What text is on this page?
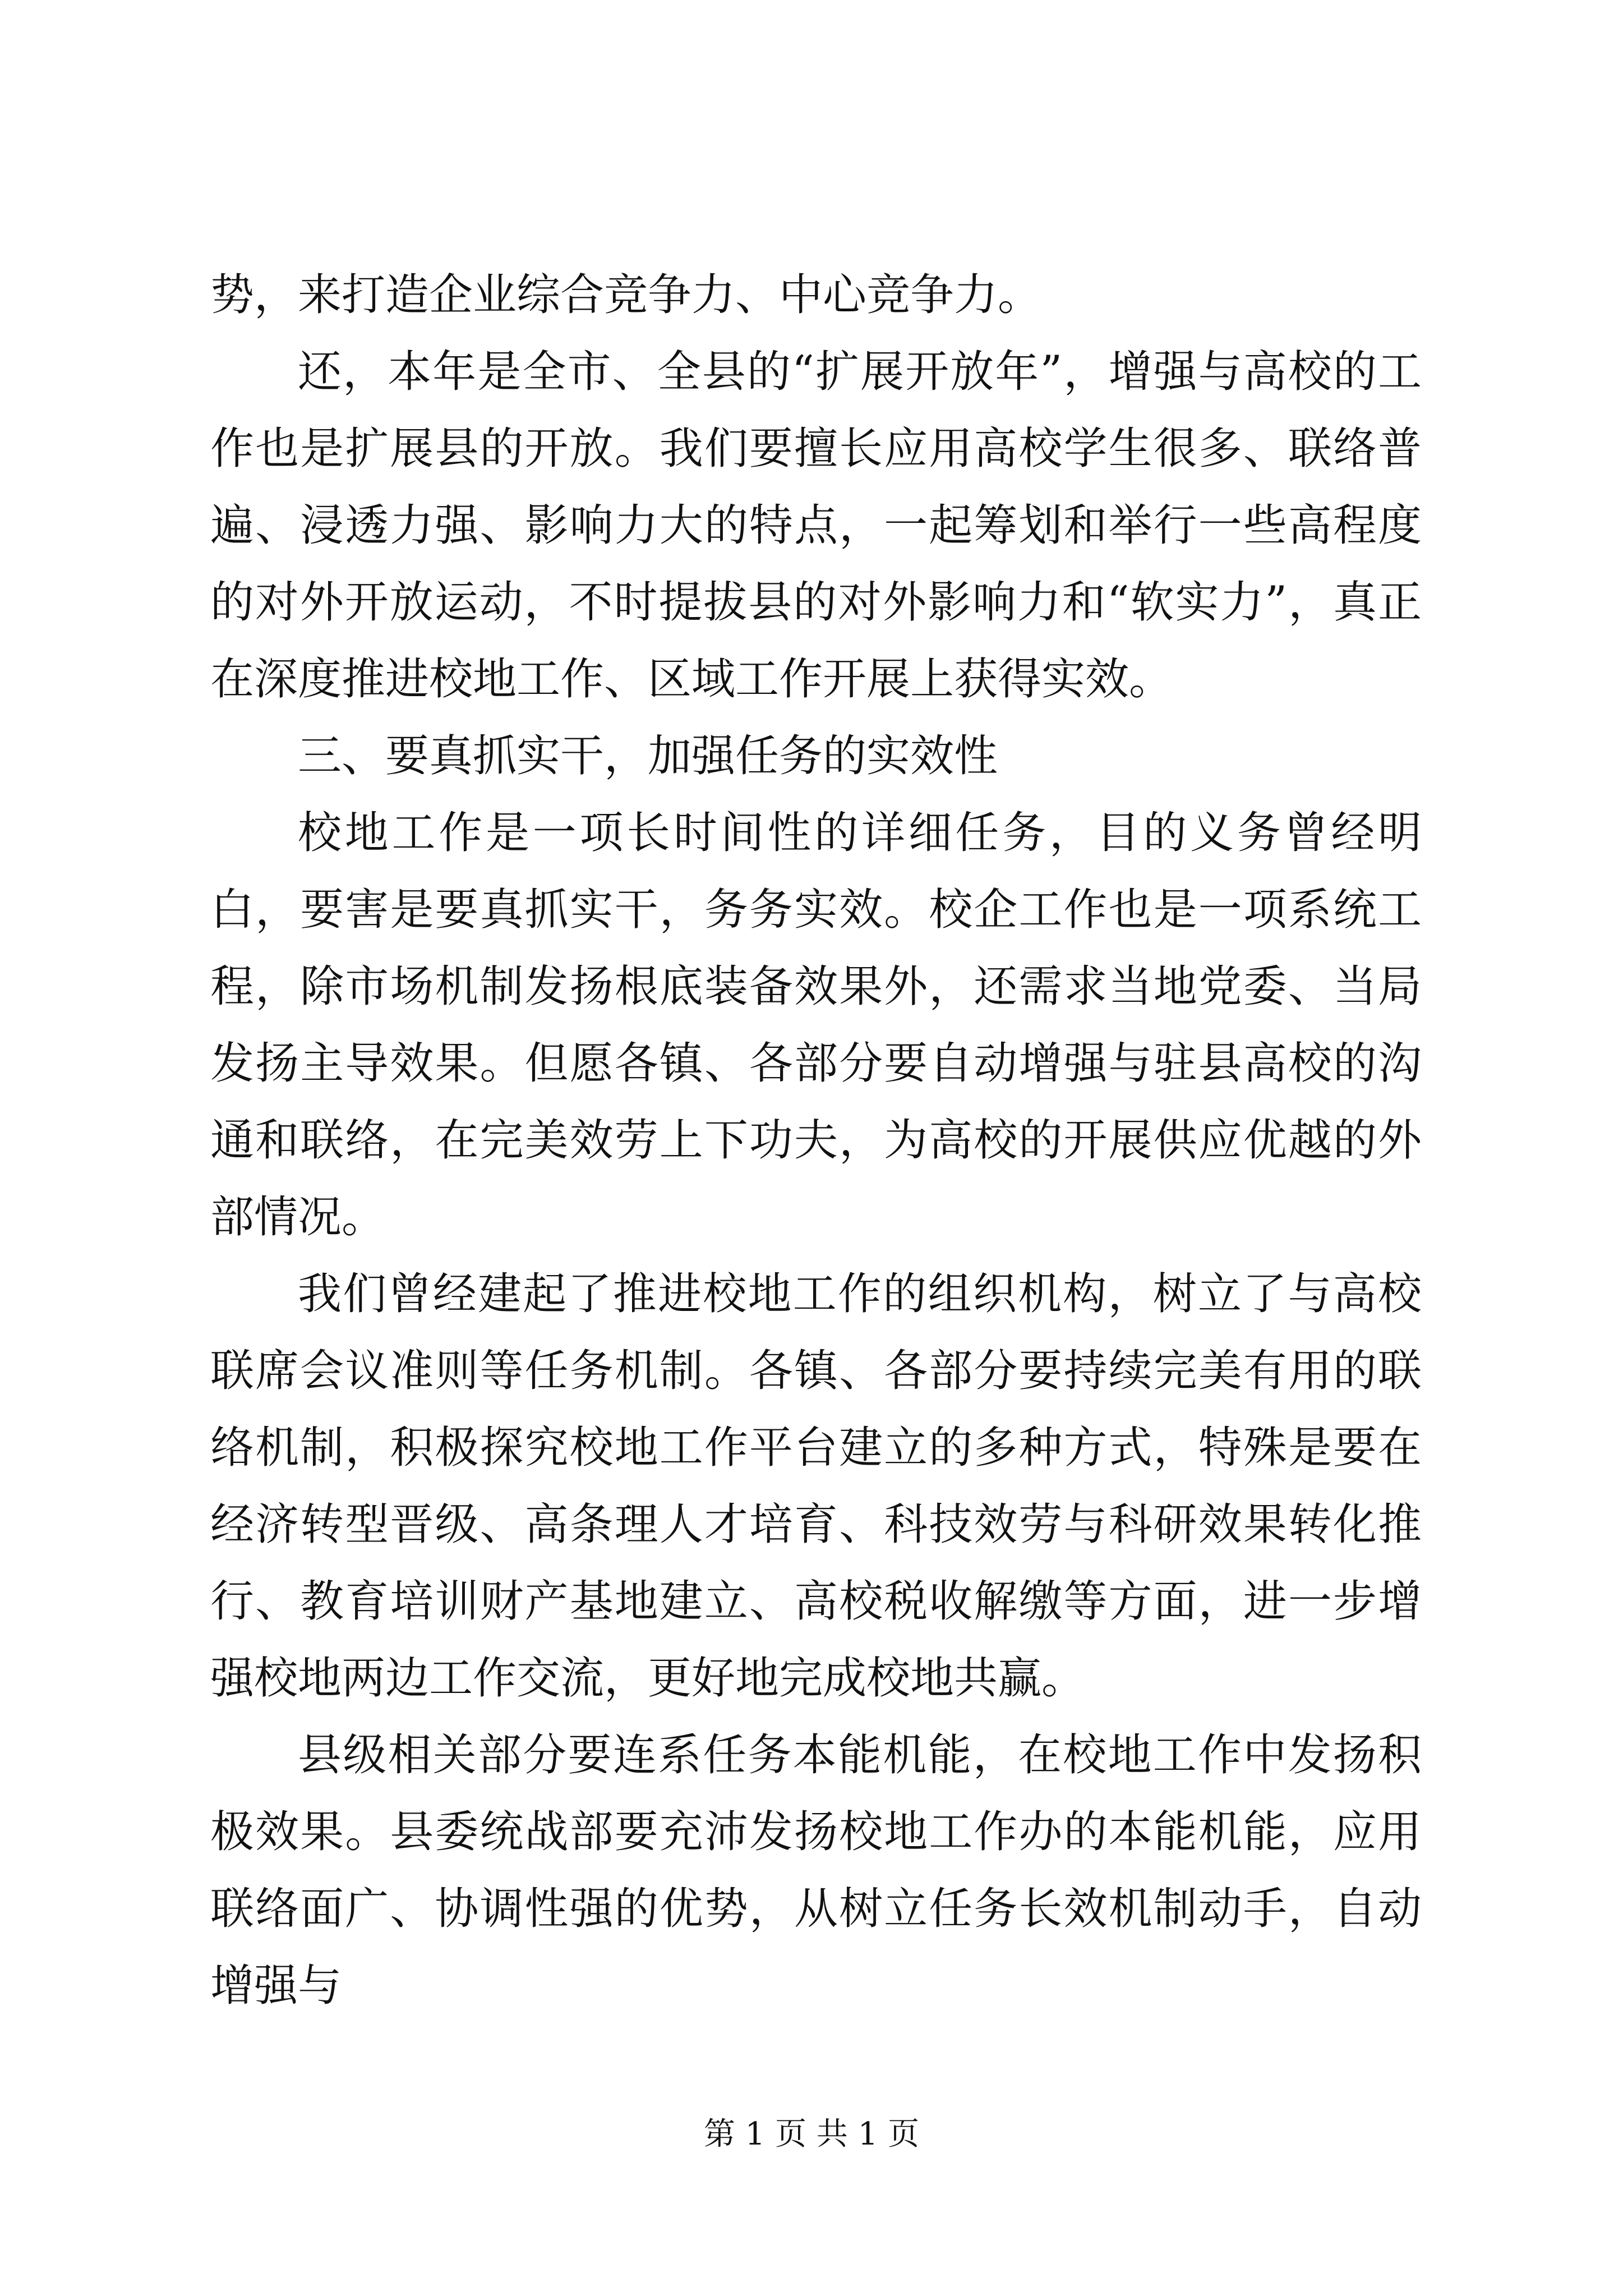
势，来打造企业综合竞争力、中心竞争力。

还，本年是全市、全县的“扩展开放年”，增强与高校的工作也是扩展县的开放。我们要擅长应用高校学生很多、联络普遍、浸透力强、影响力大的特点，一起筹划和举行一些高程度的对外开放运动，不时提拔县的对外影响力和“软实力”，真正在深度推进校地工作、区域工作开展上获得实效。

三、要真抓实干，加强任务的实效性

校地工作是一项长时间性的详细任务，目的义务曾经明白，要害是要真抓实干，务务实效。校企工作也是一项系统工程，除市场机制发扬根底装备效果外，还需求当地党委、当局发扬主导效果。但愿各镇、各部分要自动增强与驻县高校的沟通和联络，在完美效劳上下功夫，为高校的开展供应优越的外部情况。

我们曾经建起了推进校地工作的组织机构，树立了与高校联席会议准则等任务机制。各镇、各部分要持续完美有用的联络机制，积极探究校地工作平台建立的多种方式，特殊是要在经济转型晋级、高条理人才培育、科技效劳与科研效果转化推行、教育培训财产基地建立、高校税收解缴等方面，进一步增强校地两边工作交流，更好地完成校地共赢。

县级相关部分要连系任务本能机能，在校地工作中发扬积极效果。县委统战部要充沛发扬校地工作办的本能机能，应用联络面广、协调性强的优势，从树立任务长效机制动手，自动增强与

第 1 页 共 1 页
